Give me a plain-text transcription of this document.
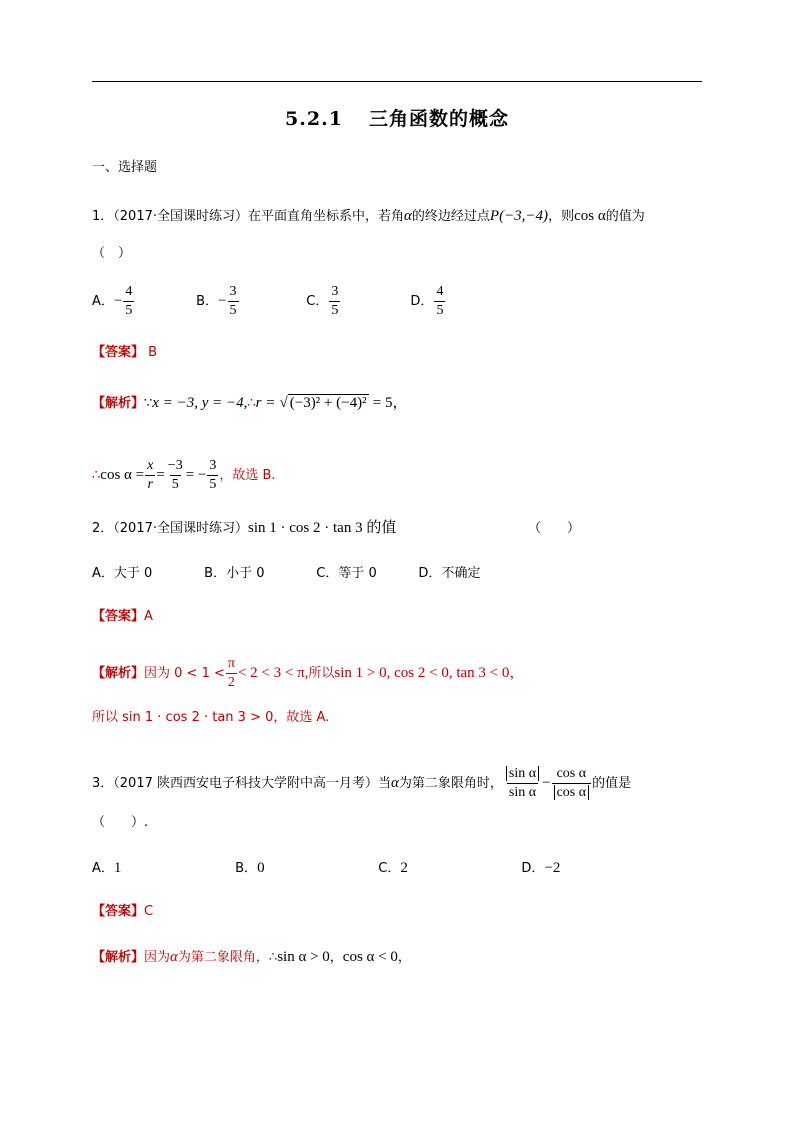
5.2.1 三角函数的概念
一、选择题
1．（2017·全国课时练习）在平面直角坐标系中，若角α的终边经过点P(−3,−4)，则cos α的值为
（　）
A．− $\frac{4}{5}$	B．− $\frac{3}{5}$	C． $\frac{3}{5}$	D． $\frac{4}{5}$
【答案】 B
【解析】∵x = −3, y = −4,∴r = √ (−3)² + (−4)² = 5，
∴cos $\alpha = \frac{x}{r} = \frac{-3}{5}$ = − $\frac{3}{5}$ ，故选 B.
2．（2017·全国课时练习）sin 1 · cos 2 · tan 3 的值	（　　）
A．大于 0	B．小于 0	C．等于 0	D．不确定
【答案】A
【解析】因为 $0 < 1 < \frac{\pi}{2} < 2 < 3 < \pi$,所以sin 1 > 0, cos 2 < 0, tan 3 < 0，
所以 sin 1 · cos 2 · tan 3 > 0，故选 A.
3．（2017 陕西西安电子科技大学附中高一月考）当α为第二象限角时， $\frac{\text{sin α}}{\text{sin α}} - \frac{\text{cos α}}{\text{cos α}}$ 的值是
（　　）.
A．1	B．0	C．2	D．−2
【答案】C
【解析】因为α为第二象限角，∴sin α > 0，cos α < 0，
